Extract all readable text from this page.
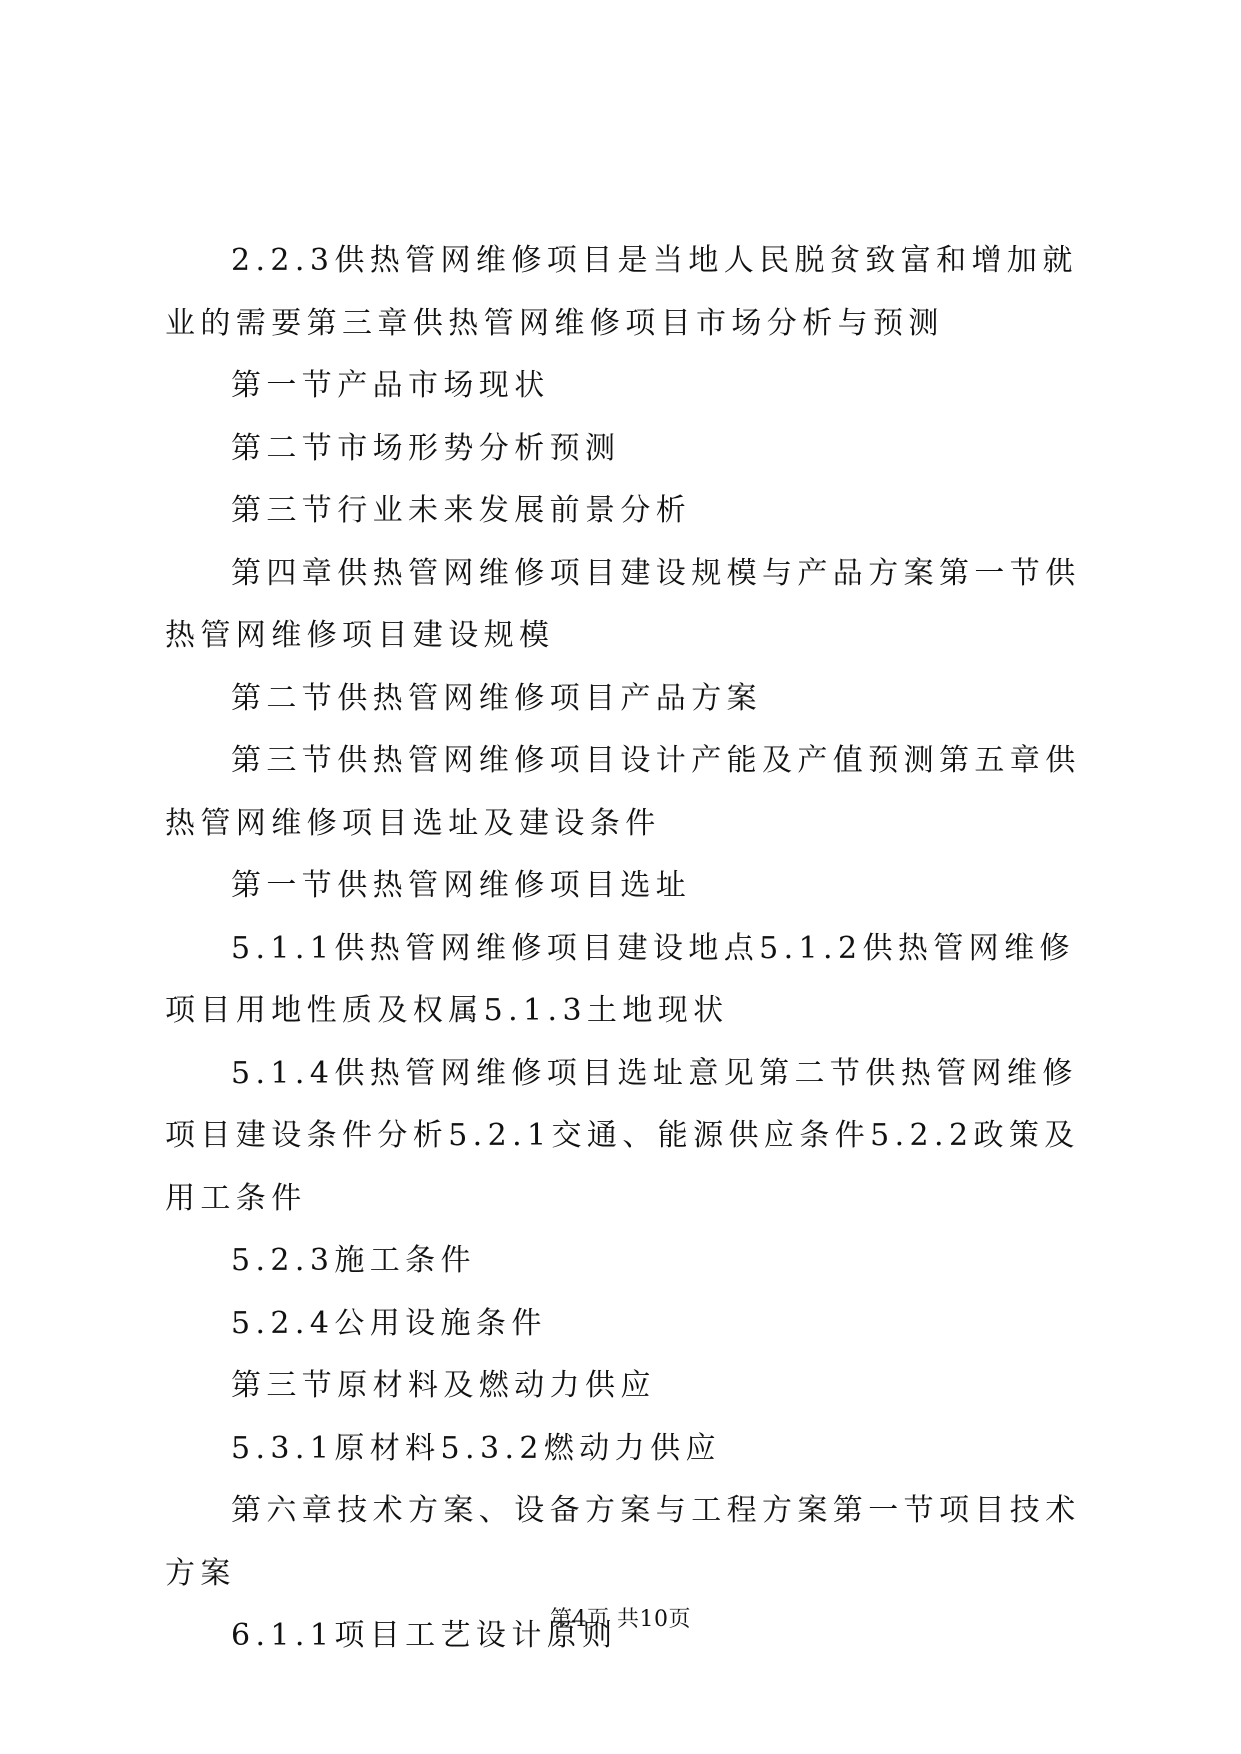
2.2.3供热管网维修项目是当地人民脱贫致富和增加就业的需要第三章供热管网维修项目市场分析与预测

第一节产品市场现状

第二节市场形势分析预测

第三节行业未来发展前景分析

第四章供热管网维修项目建设规模与产品方案第一节供热管网维修项目建设规模

第二节供热管网维修项目产品方案

第三节供热管网维修项目设计产能及产值预测第五章供热管网维修项目选址及建设条件

第一节供热管网维修项目选址

5.1.1供热管网维修项目建设地点5.1.2供热管网维修项目用地性质及权属5.1.3土地现状

5.1.4供热管网维修项目选址意见第二节供热管网维修项目建设条件分析5.2.1交通、能源供应条件5.2.2政策及用工条件

5.2.3施工条件

5.2.4公用设施条件

第三节原材料及燃动力供应

5.3.1原材料5.3.2燃动力供应

第六章技术方案、设备方案与工程方案第一节项目技术方案

6.1.1项目工艺设计原则

第4页 共10页
